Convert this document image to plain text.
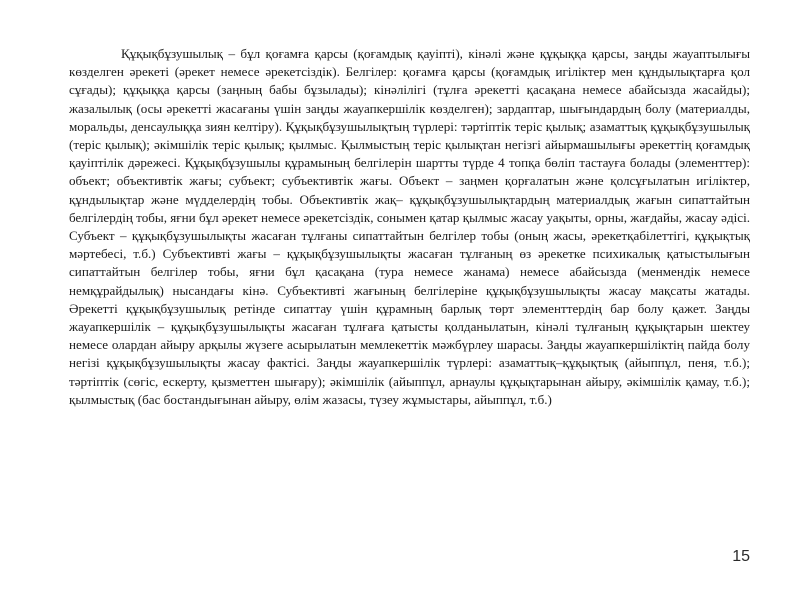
Құқықбұзушылық – бұл қоғамға қарсы (қоғамдық қауіпті), кінәлі және құқыққа қарсы, заңды жауаптылығы көзделген әрекеті (әрекет немесе әрекетсіздік). Белгілер: қоғамға қарсы (қоғамдық игіліктер мен құндылықтарға қол сұғады); құқыққа қарсы (заңның бабы бұзылады); кінәлілігі (тұлға әрекетті қасақана немесе абайсызда жасайды); жазалылық (осы әрекетті жасағаны үшін заңды жауапкершілік көзделген); зардаптар, шығындардың болу (материалды, моральды, денсаулыққа зиян келтіру). Құқықбұзушылықтың түрлері: тәртіптік теріс қылық; азаматтық құқықбұзушылық (теріс қылық); әкімшілік теріс қылық; қылмыс. Қылмыстың теріс қылықтан негізгі айырмашылығы әрекеттің қоғамдық қауіптілік дәрежесі. Құқықбұзушылы құрамының белгілерін шартты түрде 4 топқа бөліп тастауға болады (элементтер): объект; объективтік жағы; субъект; субъективтік жағы. Объект – заңмен қорғалатын және қолсұғылатын игіліктер, құндылықтар және мүдделердің тобы. Объективтік жақ– құқықбұзушылықтардың материалдық жағын сипаттайтын белгілердің тобы, яғни бұл әрекет немесе әрекетсіздік, сонымен қатар қылмыс жасау уақыты, орны, жағдайы, жасау әдісі. Субъект – құқықбұзушылықты жасаған тұлғаны сипаттайтын белгілер тобы (оның жасы, әрекетқабілеттігі, құқықтық мәртебесі, т.б.) Субъективті жағы – құқықбұзушылықты жасаған тұлғаның өз әрекетке психикалық қатыстылығын сипаттайтын белгілер тобы, яғни бұл қасақана (тура немесе жанама) немесе абайсызда (менмендік немесе немқұрайдылық) нысандағы кінә. Субъективті жағының белгілеріне құқықбұзушылықты жасау мақсаты жатады. Әрекетті құқықбұзушылық ретінде сипаттау үшін құрамның барлық төрт элементтердің бар болу қажет. Заңды жауапкершілік – құқықбұзушылықты жасаған тұлғаға қатысты қолданылатын, кінәлі тұлғаның құқықтарын шектеу немесе олардан айыру арқылы жүзеге асырылатын мемлекеттік мәжбүрлеу шарасы. Заңды жауапкершіліктің пайда болу негізі құқықбұзушылықты жасау фактісі. Заңды жауапкершілік түрлері: азаматтық–құқықтық (айыппұл, пеня, т.б.); тәртіптік (сөгіс, ескерту, қызметтен шығару); әкімшілік (айыппұл, арнаулы құқықтарынан айыру, әкімшілік қамау, т.б.); қылмыстық (бас бостандығынан айыру, өлім жазасы, түзеу жұмыстары, айыппұл, т.б.)

15
